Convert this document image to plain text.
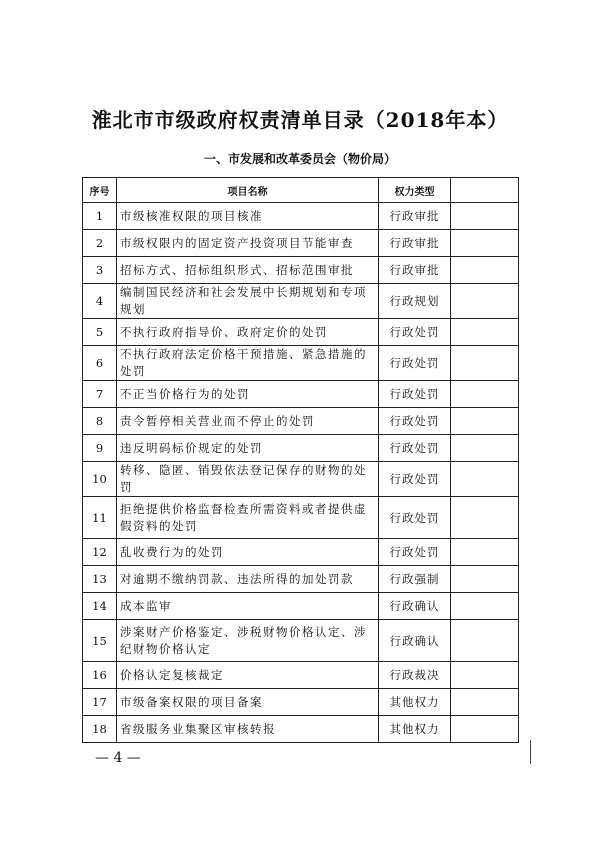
淮北市市级政府权责清单目录（2018年本）
一、市发展和改革委员会（物价局）
序号	项目名称	权力类型	
1	市级核准权限的项目核准	行政审批	
2	市级权限内的固定资产投资项目节能审查	行政审批	
3	招标方式、招标组织形式、招标范围审批	行政审批	
4	编制国民经济和社会发展中长期规划和专项规划	行政规划	
5	不执行政府指导价、政府定价的处罚	行政处罚	
6	不执行政府法定价格干预措施、紧急措施的处罚	行政处罚	
7	不正当价格行为的处罚	行政处罚	
8	责令暂停相关营业而不停止的处罚	行政处罚	
9	违反明码标价规定的处罚	行政处罚	
10	转移、隐匿、销毁依法登记保存的财物的处罚	行政处罚	
11	拒绝提供价格监督检查所需资料或者提供虚假资料的处罚	行政处罚	
12	乱收费行为的处罚	行政处罚	
13	对逾期不缴纳罚款、违法所得的加处罚款	行政强制	
14	成本监审	行政确认	
15	涉案财产价格鉴定、涉税财物价格认定、涉纪财物价格认定	行政确认	
16	价格认定复核裁定	行政裁决	
17	市级备案权限的项目备案	其他权力	
18	省级服务业集聚区审核转报	其他权力	
— 4 —
